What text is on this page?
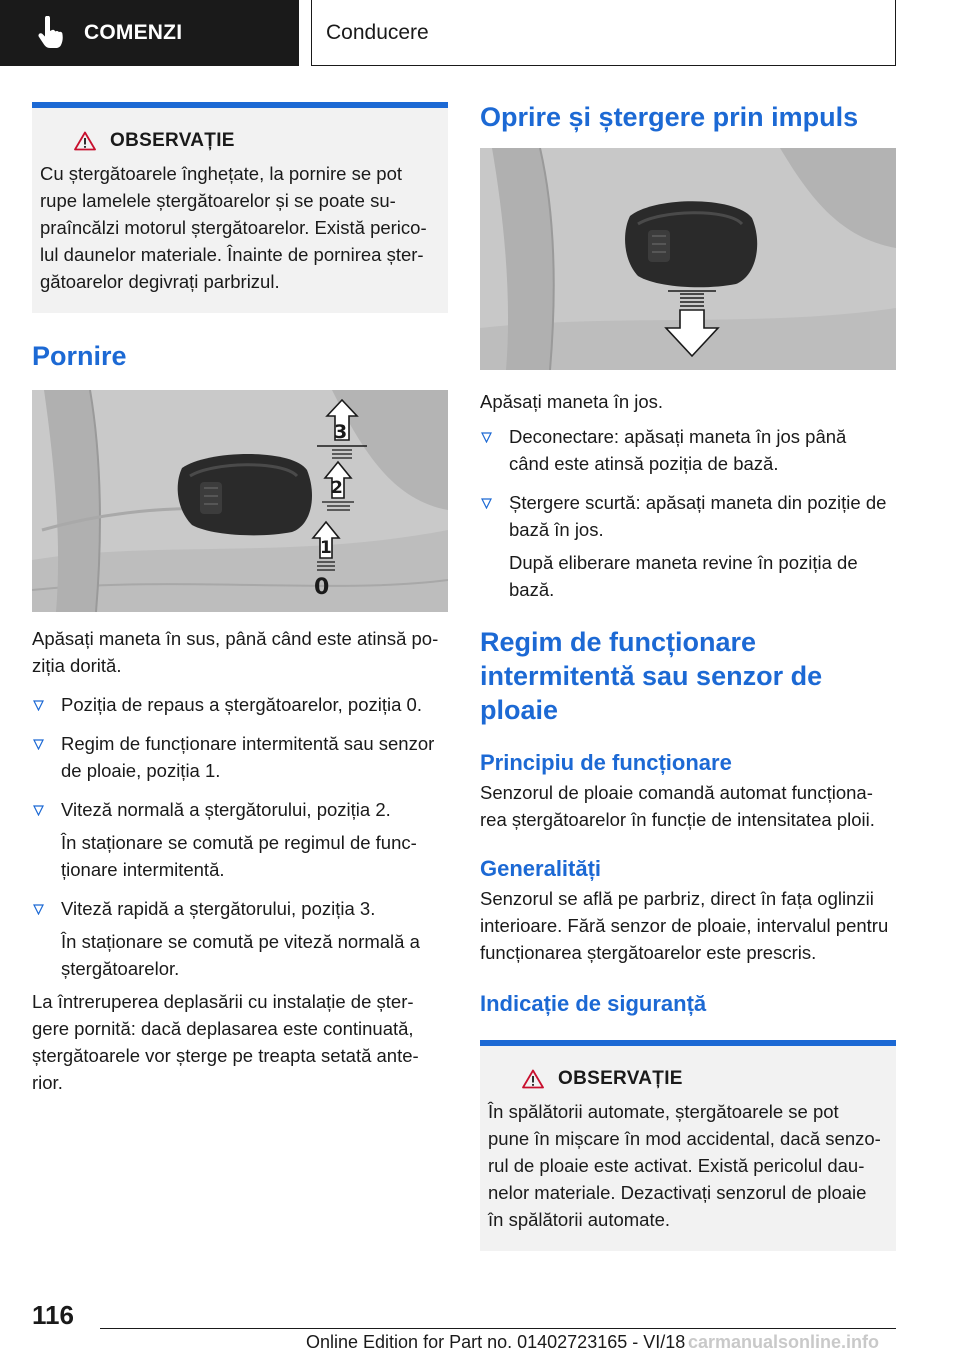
COMENZI	Conducere
OBSERVAȚIE

Cu ștergătoarele înghețate, la pornire se pot
rupe lamelele ștergătoarelor și se poate su-
praîncălzi motorul ștergătoarelor. Există perico-
lul daunelor materiale. Înainte de pornirea șter-
gătoarelor degivrați parbrizul.

Pornire
3
2
1
0

Apăsați maneta în sus, până când este atinsă po-
ziția dorită.

Poziția de repaus a ștergătoarelor, poziția 0.
Regim de funcționare intermitentă sau senzor
de ploaie, poziția 1.
Viteză normală a ștergătorului, poziția 2.

În staționare se comută pe regimul de func-
ționare intermitentă.

Viteză rapidă a ștergătorului, poziția 3.

În staționare se comută pe viteză normală a
ștergătoarelor.

La întreruperea deplasării cu instalație de șter-
gere pornită: dacă deplasarea este continuată,
ștergătoarele vor șterge pe treapta setată ante-
rior.

Oprire și ștergere prin impuls

Apăsați maneta în jos.

Deconectare: apăsați maneta în jos până
când este atinsă poziția de bază.
Ștergere scurtă: apăsați maneta din poziție de
bază în jos.

După eliberare maneta revine în poziția de
bază.

Regim de funcționare
intermitentă sau senzor de ploaie
Principiu de funcționare

Senzorul de ploaie comandă automat funcționa-
rea ștergătoarelor în funcție de intensitatea ploii.

Generalități

Senzorul se află pe parbriz, direct în fața oglinzii
interioare. Fără senzor de ploaie, intervalul pentru
funcționarea ștergătoarelor este prescris.

Indicație de siguranță
OBSERVAȚIE

În spălătorii automate, ștergătoarele se pot
pune în mișcare în mod accidental, dacă senzo-
rul de ploaie este activat. Există pericolul dau-
nelor materiale. Dezactivați senzorul de ploaie
în spălătorii automate.

116
Online Edition for Part no. 01402723165 - VI/18 carmanualsonline.info
